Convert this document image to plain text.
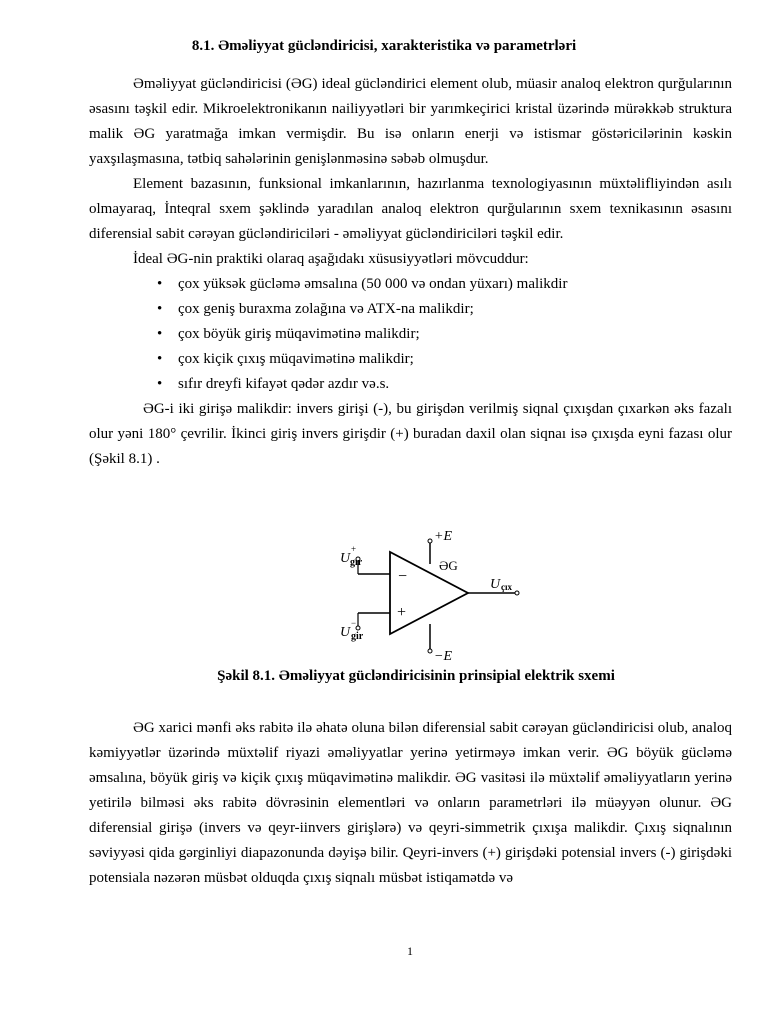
8.1. Əməliyyat gücləndiricisi, xarakteristika və parametrləri

Əməliyyat gücləndiricisi (ƏG) ideal gücləndirici element olub, müasir analoq elektron qurğularının əsasını təşkil edir. Mikroelektronikanın nailiyyətləri bir yarımkeçirici kristal üzərində mürəkkəb struktura malik ƏG yaratmağa imkan vermişdir. Bu isə onların enerji və istismar göstəricilərinin kəskin yaxşılaşmasına, tətbiq sahələrinin genişlənməsinə səbəb olmuşdur.

Element bazasının, funksional imkanlarının, hazırlanma texnologiyasının müxtəlifliyindən asılı olmayaraq, İnteqral sxem şəklində yaradılan analoq elektron qurğularının sxem texnikasının əsasını diferensial sabit cərəyan gücləndiriciləri - əməliyyat gücləndiriciləri təşkil edir.

İdeal ƏG-nin praktiki olaraq aşağıdakı xüsusiyyətləri mövcuddur:

• çox yüksək gücləmə əmsalına (50 000 və ondan yüxarı) malikdir
• çox geniş buraxma zolağına və ATX-na malikdir;
• çox böyük giriş müqavimətinə malikdir;
• çox kiçik çıxış müqavimətinə malikdir;
• sıfır dreyfi kifayət qədər azdır və.s.

ƏG-i iki girişə malikdir: invers girişi (-), bu girişdən verilmiş siqnal çıxışdan çıxarkən əks fazalı olur yəni 180° çevrilir. İkinci giriş invers girişdir (+) buradan daxil olan siqnaı isə çıxışda eyni fazası olur (Şəkil 8.1) .

+E
−E
−
+
ƏG
U
+
gır
U
−
gir
U çıx
Şəkil 8.1. Əməliyyat gücləndiricisinin prinsipial elektrik sxemi

ƏG xarici mənfi əks rabitə ilə əhatə oluna bilən diferensial sabit cərəyan gücləndiricisi olub, analoq kəmiyyətlər üzərində müxtəlif riyazi əməliyyatlar yerinə yetirməyə imkan verir. ƏG böyük gücləmə əmsalına, böyük giriş və kiçik çıxış müqavimətinə malikdir. ƏG vasitəsi ilə müxtəlif əməliyyatların yerinə yetirilə bilməsi əks rabitə dövrəsinin elementləri və onların parametrləri ilə müəyyən olunur. ƏG diferensial girişə (invers və qeyr-iinvers girişlərə) və qeyri-simmetrik çıxışa malikdir. Çıxış siqnalının səviyyəsi qida gərginliyi diapazonunda dəyişə bilir. Qeyri-invers (+) girişdəki potensial invers (-) girişdəki potensiala nəzərən müsbət olduqda çıxış siqnalı müsbət istiqamətdə və

1
